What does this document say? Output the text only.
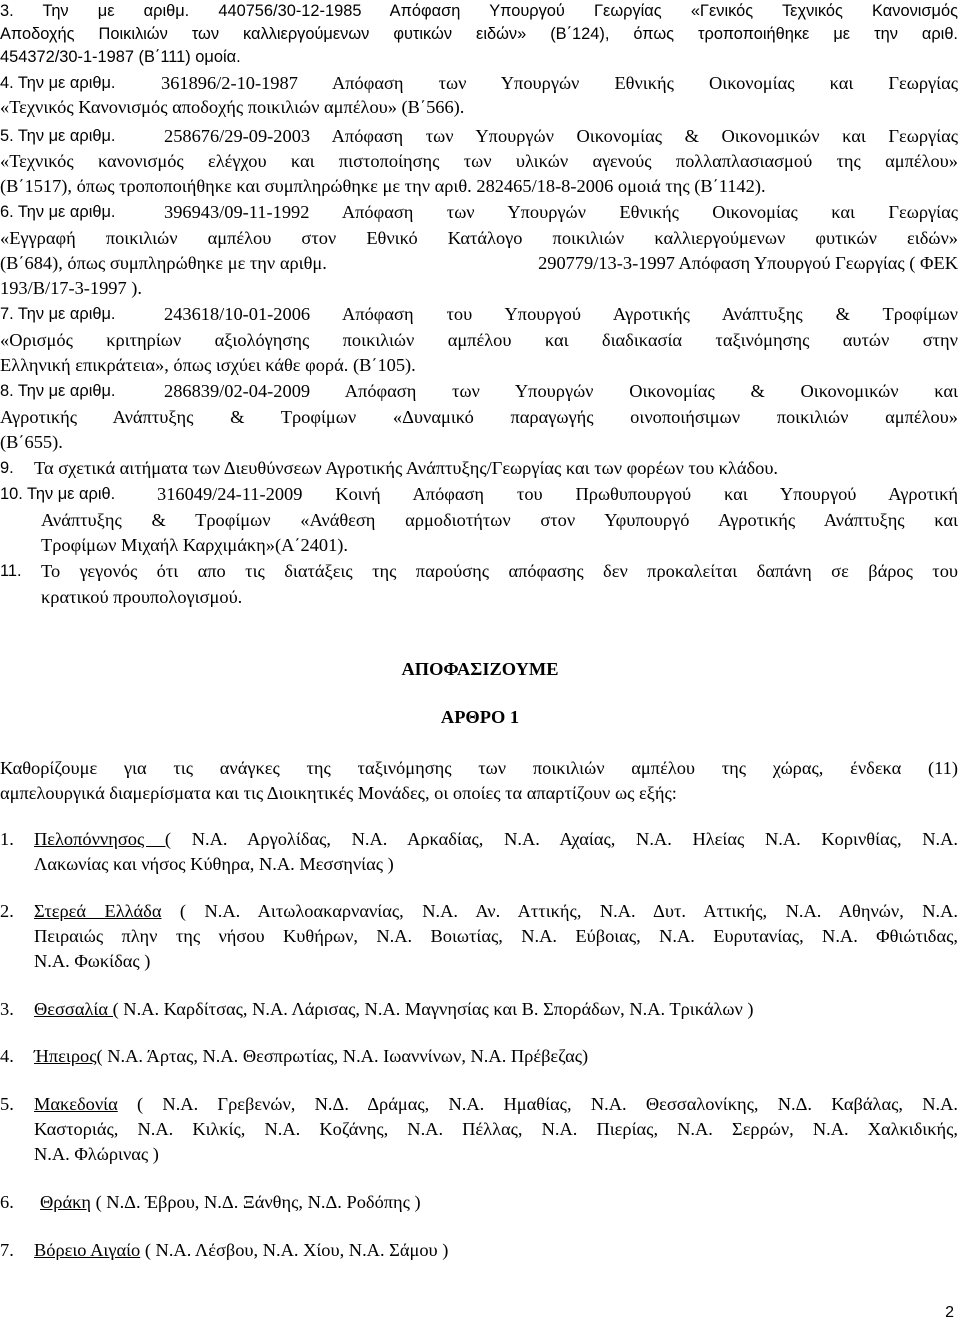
3. Την με αριθμ. 440756/30-12-1985 Απόφαση Υπουργού Γεωργίας «Γενικός Τεχνικός Κανονισμός
Αποδοχής Ποικιλιών των καλλιεργούμενων φυτικών ειδών» (Β΄124), όπως τροποποιήθηκε με την αριθ.
454372/30-1-1987 (Β΄111) ομοία.
4. Την με αριθμ. 361896/2-10-1987 Απόφαση των Υπουργών Εθνικής Οικονομίας και Γεωργίας
«Τεχνικός Κανονισμός αποδοχής ποικιλιών αμπέλου» (Β΄566).
5. Την με αριθμ.	258676/29-09-2003 Απόφαση των Υπουργών Οικονομίας & Οικονομικών και Γεωργίας
«Τεχνικός κανονισμός ελέγχου και πιστοποίησης των υλικών αγενούς πολλαπλασιασμού της αμπέλου»
(Β΄1517), όπως τροποποιήθηκε και συμπληρώθηκε με την αριθ. 282465/18-8-2006 ομοιά της (Β΄1142).
6. Την με αριθμ.	396943/09-11-1992 Απόφαση των Υπουργών Εθνικής Οικονομίας και Γεωργίας
«Εγγραφή ποικιλιών αμπέλου στον Εθνικό Κατάλογο ποικιλιών καλλιεργούμενων φυτικών ειδών»
(Β΄684), όπως συμπληρώθηκε με την αριθμ.	290779/13-3-1997 Απόφαση Υπουργού Γεωργίας ( ΦΕΚ
193/Β/17-3-1997 ).
7. Την με αριθμ.	243618/10-01-2006 Απόφαση του Υπουργού Αγροτικής Ανάπτυξης & Τροφίμων
«Ορισμός κριτηρίων αξιολόγησης ποικιλιών αμπέλου και διαδικασία ταξινόμησης αυτών στην
Ελληνική επικράτεια», όπως ισχύει κάθε φορά. (Β΄105).
8. Την με αριθμ.	286839/02-04-2009 Απόφαση των Υπουργών Οικονομίας & Οικονομικών και
Αγροτικής Ανάπτυξης & Τροφίμων «Δυναμικό παραγωγής οινοποιήσιμων ποικιλιών αμπέλου»
(Β΄655).
9. Τα σχετικά αιτήματα των Διευθύνσεων Αγροτικής Ανάπτυξης/Γεωργίας και των φορέων του κλάδου.
10. Την με αριθ. 316049/24-11-2009 Κοινή Απόφαση του Πρωθυπουργού και Υπουργού Αγροτική
Ανάπτυξης & Τροφίμων «Ανάθεση αρμοδιοτήτων στον Υφυπουργό Αγροτικής Ανάπτυξης και
Τροφίμων Μιχαήλ Καρχιμάκη»(Α΄2401).
11. Το γεγονός ότι απο τις διατάξεις της παρούσης απόφασης δεν προκαλείται δαπάνη σε βάρος του
κρατικού προυπολογισμού.
ΑΠΟΦΑΣΙΖΟΥΜΕ
ΑΡΘΡΟ 1
Καθορίζουμε για τις ανάγκες της ταξινόμησης των ποικιλιών αμπέλου της χώρας, ένδεκα (11)
αμπελουργικά διαμερίσματα και τις Διοικητικές Μονάδες, οι οποίες τα απαρτίζουν ως εξής:
1. Πελοπόννησος ( Ν.Α. Αργολίδας, Ν.Α. Αρκαδίας, Ν.Α. Αχαίας, Ν.Α. Ηλείας Ν.Α. Κορινθίας, Ν.Α.
Λακωνίας και νήσος Κύθηρα, Ν.Α. Μεσσηνίας )
2. Στερεά Ελλάδα ( Ν.Α. Αιτωλοακαρνανίας, Ν.Α. Αν. Αττικής, Ν.Α. Δυτ. Αττικής, Ν.Α. Αθηνών, Ν.Α.
Πειραιώς πλην της νήσου Κυθήρων, Ν.Α. Βοιωτίας, Ν.Α. Εύβοιας, Ν.Α. Ευρυτανίας, Ν.Α. Φθιώτιδας,
Ν.Α. Φωκίδας )
3. Θεσσαλία ( Ν.Α. Καρδίτσας, Ν.Α. Λάρισας, Ν.Α. Μαγνησίας και Β. Σποράδων, Ν.Α. Τρικάλων )
4. Ήπειρος( Ν.Α. Άρτας, Ν.Α. Θεσπρωτίας, Ν.Α. Ιωαννίνων, Ν.Α. Πρέβεζας)
5. Μακεδονία ( Ν.Α. Γρεβενών, Ν.Δ. Δράμας, Ν.Α. Ημαθίας, Ν.Α. Θεσσαλονίκης, Ν.Δ. Καβάλας, Ν.Α.
Καστοριάς, Ν.Α. Κιλκίς, Ν.Α. Κοζάνης, Ν.Α. Πέλλας, Ν.Α. Πιερίας, Ν.Α. Σερρών, Ν.Α. Χαλκιδικής,
Ν.Α. Φλώρινας )
6. Θράκη ( Ν.Δ. Έβρου, Ν.Δ. Ξάνθης, Ν.Δ. Ροδόπης )
7. Βόρειο Αιγαίο ( Ν.Α. Λέσβου, Ν.Α. Χίου, Ν.Α. Σάμου )
2
